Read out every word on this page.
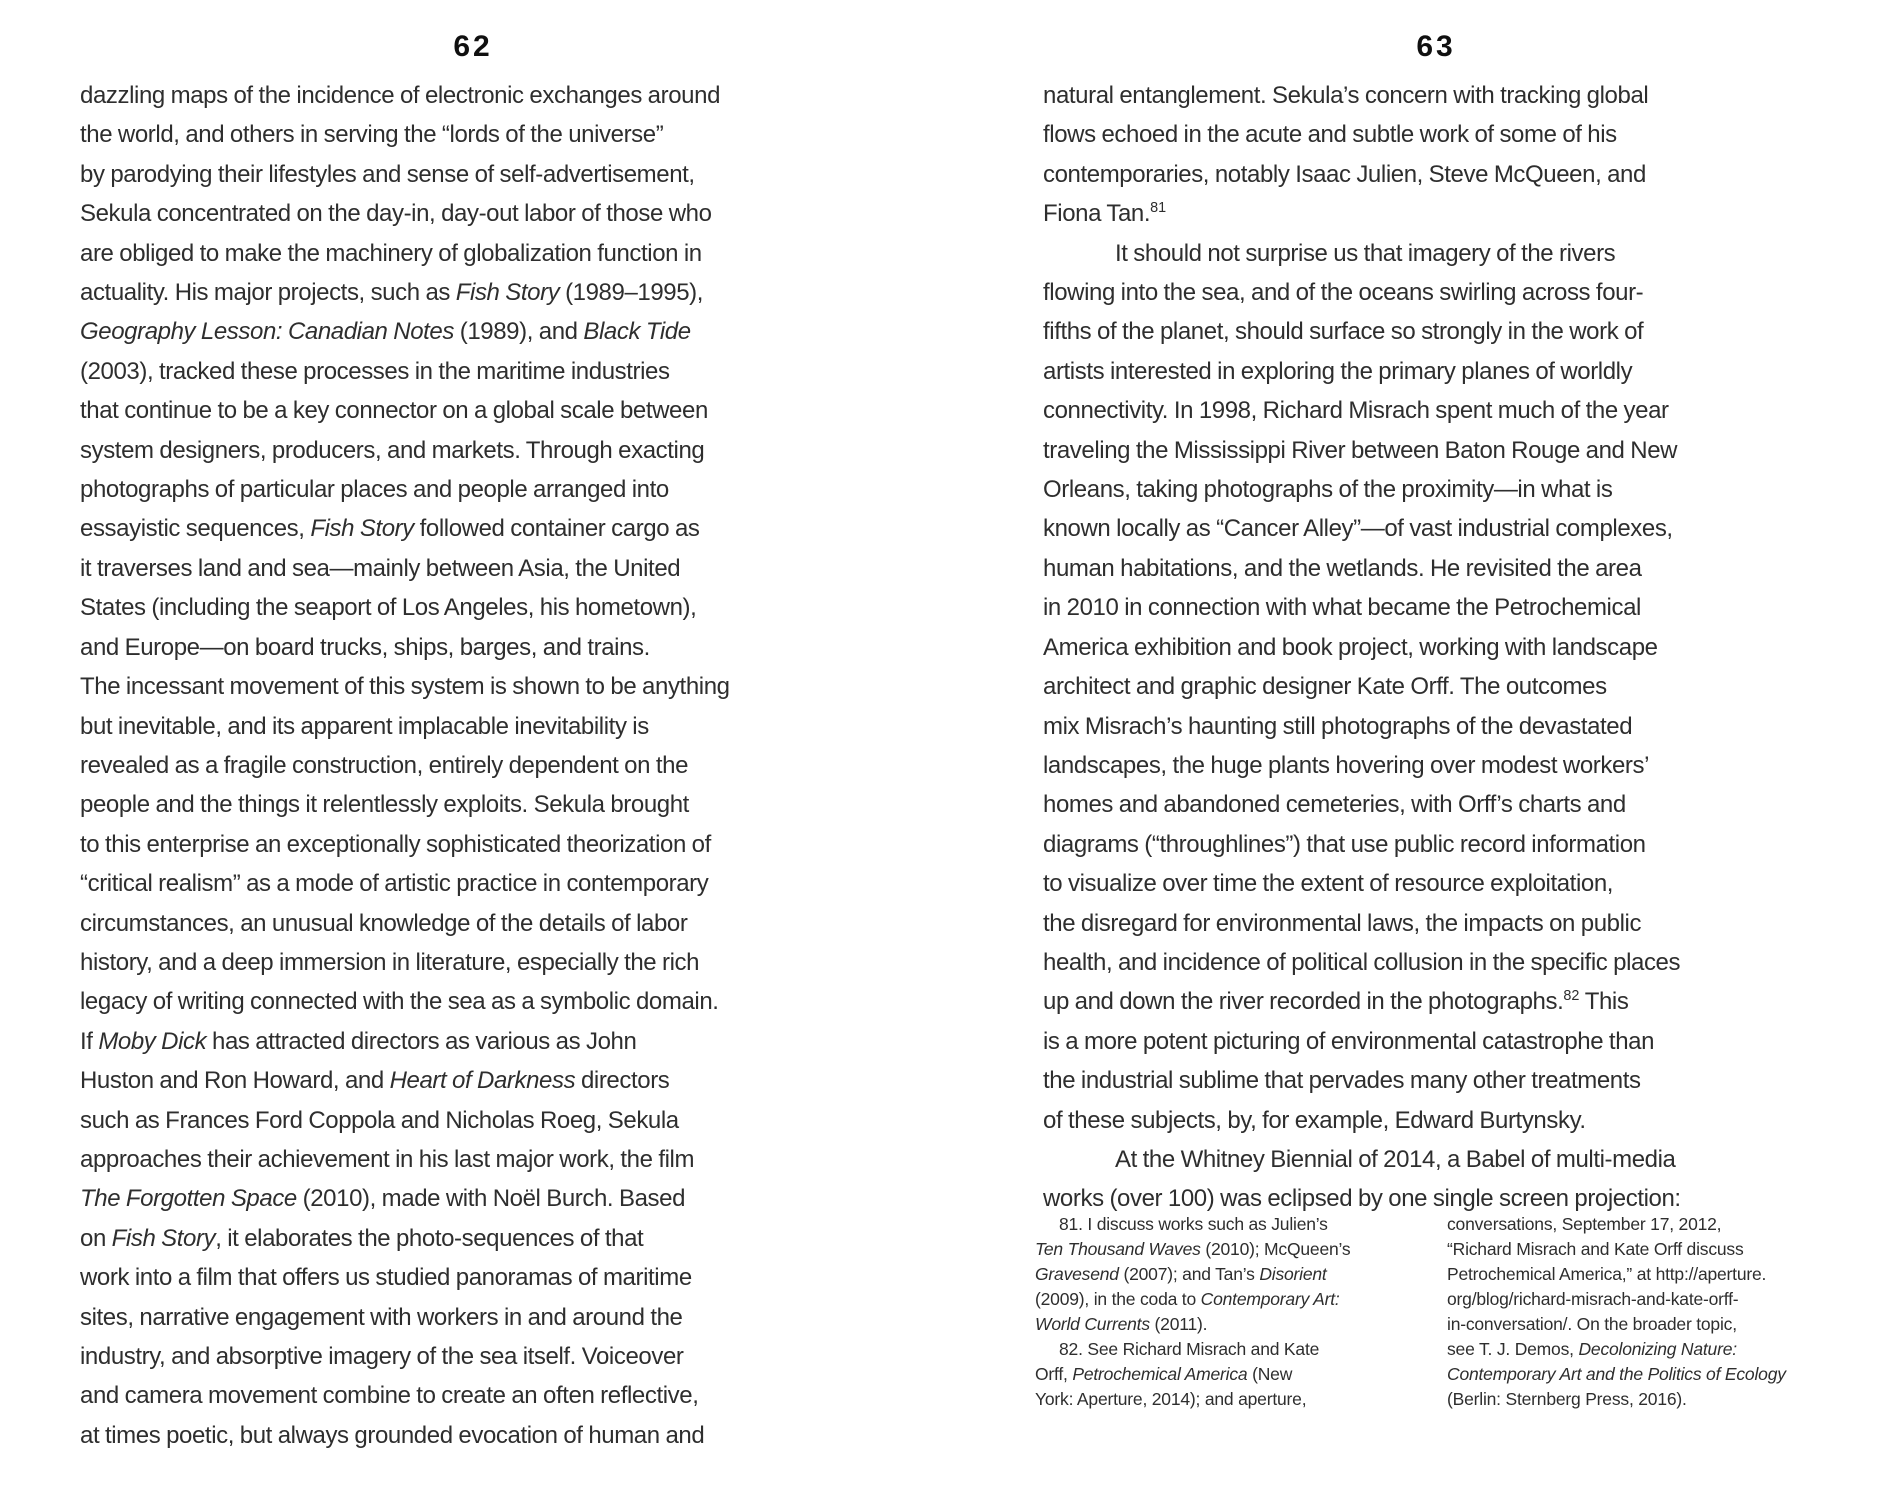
62	63
dazzling maps of the incidence of electronic exchanges around
the world, and others in serving the “lords of the universe”
by parodying their lifestyles and sense of self-advertisement,
Sekula concentrated on the day-in, day-out labor of those who
are obliged to make the machinery of globalization function in
actuality. His major projects, such as Fish Story (1989–1995),
Geography Lesson: Canadian Notes (1989), and Black Tide
(2003), tracked these processes in the maritime industries
that continue to be a key connector on a global scale between
system designers, producers, and markets. Through exacting
photographs of particular places and people arranged into
essayistic sequences, Fish Story followed container cargo as
it traverses land and sea—mainly between Asia, the United
States (including the seaport of Los Angeles, his hometown),
and Europe—on board trucks, ships, barges, and trains.
The incessant movement of this system is shown to be anything
but inevitable, and its apparent implacable inevitability is
revealed as a fragile construction, entirely dependent on the
people and the things it relentlessly exploits. Sekula brought
to this enterprise an exceptionally sophisticated theorization of
“critical realism” as a mode of artistic practice in contemporary
circumstances, an unusual knowledge of the details of labor
history, and a deep immersion in literature, especially the rich
legacy of writing connected with the sea as a symbolic domain.
If Moby Dick has attracted directors as various as John
Huston and Ron Howard, and Heart of Darkness directors
such as Frances Ford Coppola and Nicholas Roeg, Sekula
approaches their achievement in his last major work, the film
The Forgotten Space (2010), made with Noël Burch. Based
on Fish Story, it elaborates the photo-sequences of that
work into a film that offers us studied panoramas of maritime
sites, narrative engagement with workers in and around the
industry, and absorptive imagery of the sea itself. Voiceover
and camera movement combine to create an often reflective,
at times poetic, but always grounded evocation of human and
natural entanglement. Sekula’s concern with tracking global
flows echoed in the acute and subtle work of some of his
contemporaries, notably Isaac Julien, Steve McQueen, and
Fiona Tan.$^{81}$
It should not surprise us that imagery of the rivers
flowing into the sea, and of the oceans swirling across four-
fifths of the planet, should surface so strongly in the work of
artists interested in exploring the primary planes of worldly
connectivity. In 1998, Richard Misrach spent much of the year
traveling the Mississippi River between Baton Rouge and New
Orleans, taking photographs of the proximity—in what is
known locally as “Cancer Alley”—of vast industrial complexes,
human habitations, and the wetlands. He revisited the area
in 2010 in connection with what became the Petrochemical
America exhibition and book project, working with landscape
architect and graphic designer Kate Orff. The outcomes
mix Misrach’s haunting still photographs of the devastated
landscapes, the huge plants hovering over modest workers’
homes and abandoned cemeteries, with Orff’s charts and
diagrams (“throughlines”) that use public record information
to visualize over time the extent of resource exploitation,
the disregard for environmental laws, the impacts on public
health, and incidence of political collusion in the specific places
up and down the river recorded in the photographs.$^{82}$ This
is a more potent picturing of environmental catastrophe than
the industrial sublime that pervades many other treatments
of these subjects, by, for example, Edward Burtynsky.
At the Whitney Biennial of 2014, a Babel of multi-media
works (over 100) was eclipsed by one single screen projection:
81. I discuss works such as Julien’s
Ten Thousand Waves (2010); McQueen’s
Gravesend (2007); and Tan’s Disorient
(2009), in the coda to Contemporary Art:
World Currents (2011).
82. See Richard Misrach and Kate
Orff, Petrochemical America (New
York: Aperture, 2014); and aperture,
conversations, September 17, 2012,
“Richard Misrach and Kate Orff discuss
Petrochemical America,” at http://aperture.
org/blog/richard-misrach-and-kate-orff-
in-conversation/. On the broader topic,
see T. J. Demos, Decolonizing Nature:
Contemporary Art and the Politics of Ecology
(Berlin: Sternberg Press, 2016).
